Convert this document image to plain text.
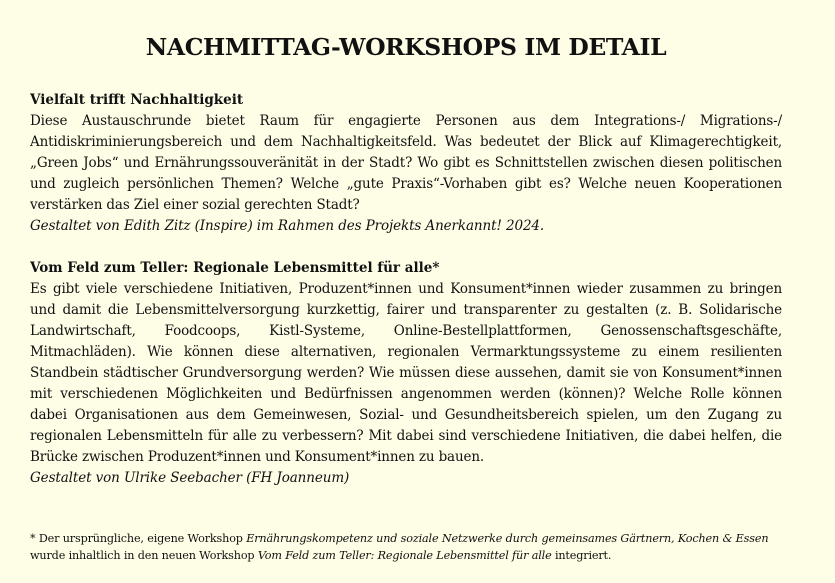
NACHMITTAG-WORKSHOPS IM DETAIL

Vielfalt trifft Nachhaltigkeit

Diese Austauschrunde bietet Raum für engagierte Personen aus dem Integrations-/ Migrations-/ Antidiskriminierungsbereich und dem Nachhaltigkeitsfeld. Was bedeutet der Blick auf Klimagerechtigkeit, „Green Jobs“ und Ernährungssouveränität in der Stadt? Wo gibt es Schnittstellen zwischen diesen politischen und zugleich persönlichen Themen? Welche „gute Praxis“-Vorhaben gibt es? Welche neuen Kooperationen verstärken das Ziel einer sozial gerechten Stadt?

Gestaltet von Edith Zitz (Inspire) im Rahmen des Projekts Anerkannt! 2024.

Vom Feld zum Teller: Regionale Lebensmittel für alle*

Es gibt viele verschiedene Initiativen, Produzent*innen und Konsument*innen wieder zusammen zu bringen und damit die Lebensmittelversorgung kurzkettig, fairer und transparenter zu gestalten (z. B. Solidarische Landwirtschaft, Foodcoops, Kistl-Systeme, Online-Bestellplattformen, Genossenschaftsgeschäfte, Mitmachläden). Wie können diese alternativen, regionalen Vermarktungssysteme zu einem resilienten Standbein städtischer Grundversorgung werden? Wie müssen diese aussehen, damit sie von Konsument*innen mit verschiedenen Möglichkeiten und Bedürfnissen angenommen werden (können)? Welche Rolle können dabei Organisationen aus dem Gemeinwesen, Sozial- und Gesundheitsbereich spielen, um den Zugang zu regionalen Lebensmitteln für alle zu verbessern? Mit dabei sind verschiedene Initiativen, die dabei helfen, die Brücke zwischen Produzent*innen und Konsument*innen zu bauen.

Gestaltet von Ulrike Seebacher (FH Joanneum)

* Der ursprüngliche, eigene Workshop Ernährungskompetenz und soziale Netzwerke durch gemeinsames Gärtnern, Kochen & Essen wurde inhaltlich in den neuen Workshop Vom Feld zum Teller: Regionale Lebensmittel für alle integriert.
